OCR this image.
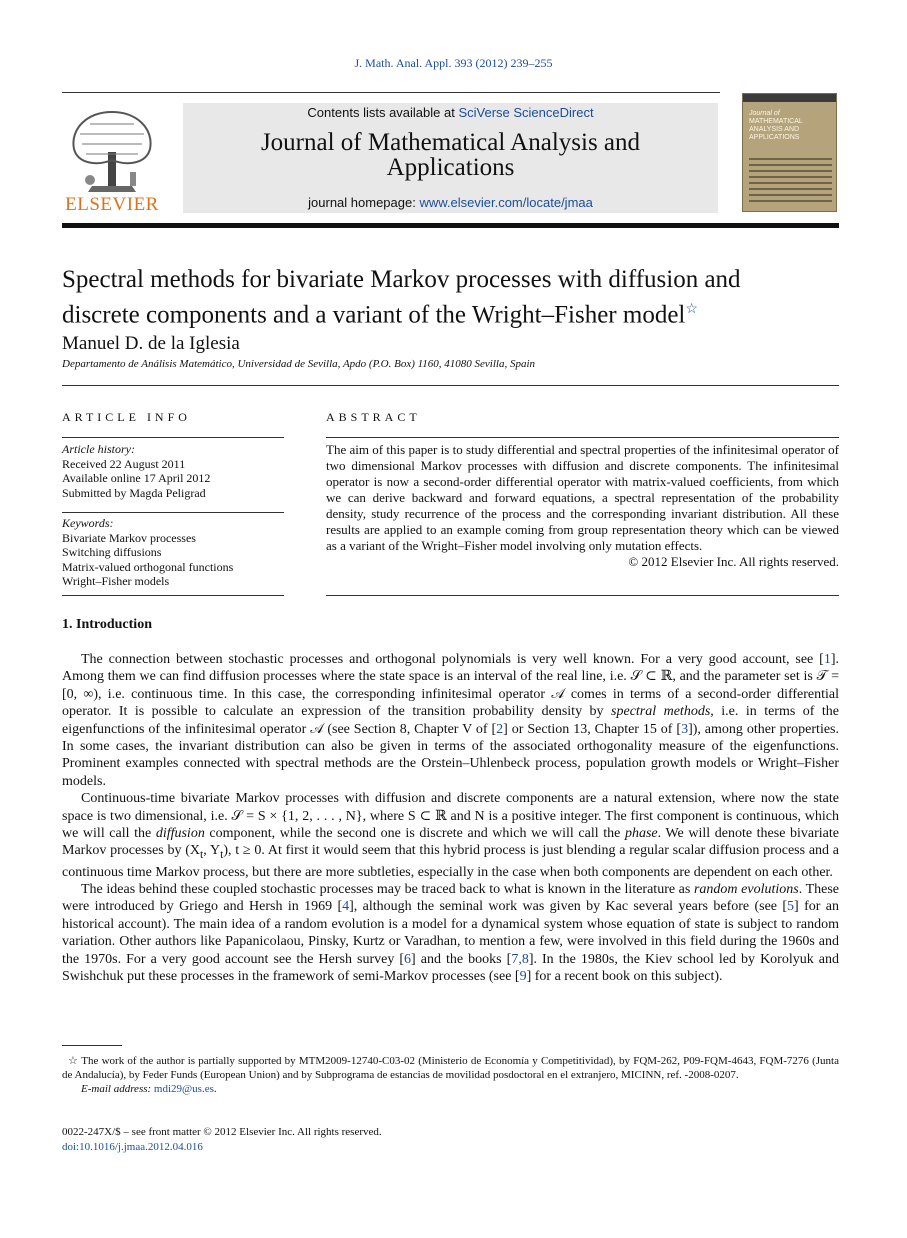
J. Math. Anal. Appl. 393 (2012) 239–255
ELSEVIER
Contents lists available at SciVerse ScienceDirect
Journal of Mathematical Analysis and
Applications
journal homepage: www.elsevier.com/locate/jmaa
Journal of
MATHEMATICAL
ANALYSIS AND
APPLICATIONS
Spectral methods for bivariate Markov processes with diffusion and
discrete components and a variant of the Wright–Fisher model☆
Manuel D. de la Iglesia
Departamento de Análisis Matemático, Universidad de Sevilla, Apdo (P.O. Box) 1160, 41080 Sevilla, Spain
ARTICLE INFO
Article history:
Received 22 August 2011
Available online 17 April 2012
Submitted by Magda Peligrad
Keywords:
Bivariate Markov processes
Switching diffusions
Matrix-valued orthogonal functions
Wright–Fisher models
ABSTRACT
The aim of this paper is to study differential and spectral properties of the infinitesimal operator of two dimensional Markov processes with diffusion and discrete components. The infinitesimal operator is now a second-order differential operator with matrix-valued coefficients, from which we can derive backward and forward equations, a spectral representation of the probability density, study recurrence of the process and the corresponding invariant distribution. All these results are applied to an example coming from group representation theory which can be viewed as a variant of the Wright–Fisher model involving only mutation effects.
© 2012 Elsevier Inc. All rights reserved.
1. Introduction

The connection between stochastic processes and orthogonal polynomials is very well known. For a very good account, see [1]. Among them we can find diffusion processes where the state space is an interval of the real line, i.e. 𝒮 ⊂ ℝ, and the parameter set is 𝒯 = [0, ∞), i.e. continuous time. In this case, the corresponding infinitesimal operator 𝒜 comes in terms of a second-order differential operator. It is possible to calculate an expression of the transition probability density by spectral methods, i.e. in terms of the eigenfunctions of the infinitesimal operator 𝒜 (see Section 8, Chapter V of [2] or Section 13, Chapter 15 of [3]), among other properties. In some cases, the invariant distribution can also be given in terms of the associated orthogonality measure of the eigenfunctions. Prominent examples connected with spectral methods are the Orstein–Uhlenbeck process, population growth models or Wright–Fisher models.

Continuous-time bivariate Markov processes with diffusion and discrete components are a natural extension, where now the state space is two dimensional, i.e. 𝒮 = S × {1, 2, . . . , N}, where S ⊂ ℝ and N is a positive integer. The first component is continuous, which we will call the diffusion component, while the second one is discrete and which we will call the phase. We will denote these bivariate Markov processes by ($X_t$, $Y_t$), t ≥ 0. At first it would seem that this hybrid process is just blending a regular scalar diffusion process and a continuous time Markov process, but there are more subtleties, especially in the case when both components are dependent on each other.

The ideas behind these coupled stochastic processes may be traced back to what is known in the literature as random evolutions. These were introduced by Griego and Hersh in 1969 [4], although the seminal work was given by Kac several years before (see [5] for an historical account). The main idea of a random evolution is a model for a dynamical system whose equation of state is subject to random variation. Other authors like Papanicolaou, Pinsky, Kurtz or Varadhan, to mention a few, were involved in this field during the 1960s and the 1970s. For a very good account see the Hersh survey [6] and the books [7,8]. In the 1980s, the Kiev school led by Korolyuk and Swishchuk put these processes in the framework of semi-Markov processes (see [9] for a recent book on this subject).

☆ The work of the author is partially supported by MTM2009-12740-C03-02 (Ministerio de Economía y Competitividad), by FQM-262, P09-FQM-4643, FQM-7276 (Junta de Andalucía), by Feder Funds (European Union) and by Subprograma de estancias de movilidad posdoctoral en el extranjero, MICINN, ref. -2008-0207.
E-mail address: mdi29@us.es.
0022-247X/$ – see front matter © 2012 Elsevier Inc. All rights reserved.
doi:10.1016/j.jmaa.2012.04.016
